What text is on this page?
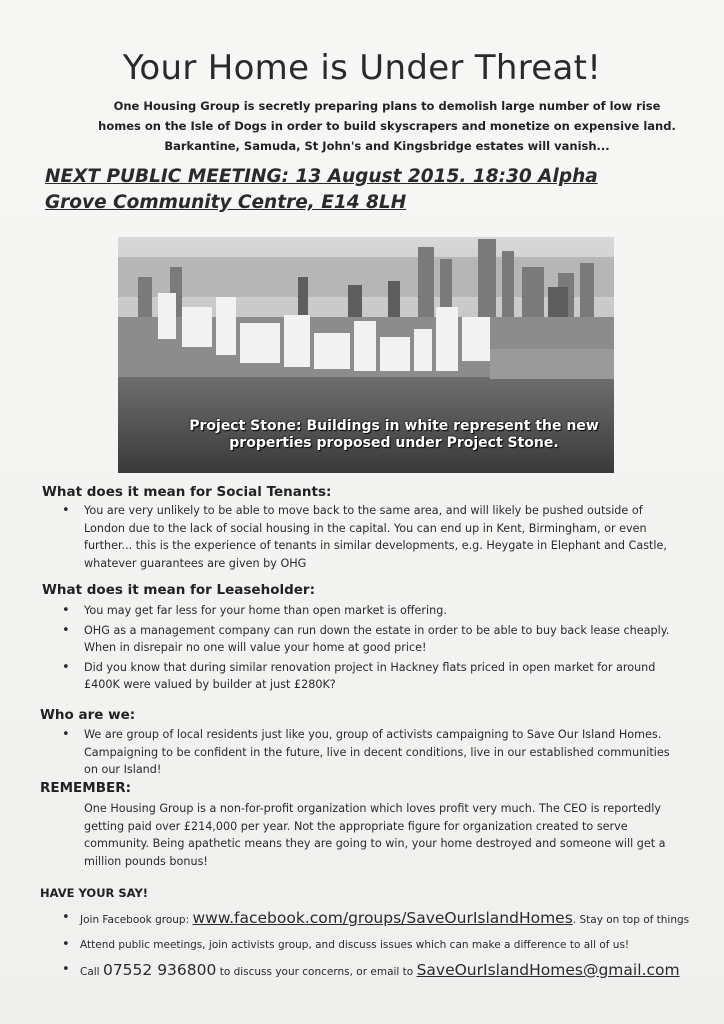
Your Home is Under Threat!
One Housing Group is secretly preparing plans to demolish large number of low rise homes on the Isle of Dogs in order to build skyscrapers and monetize on expensive land. Barkantine, Samuda, St John's and Kingsbridge estates will vanish...
NEXT PUBLIC MEETING: 13 August 2015. 18:30 Alpha Grove Community Centre, E14 8LH
Project Stone: Buildings in white represent the new properties proposed under Project Stone.
What does it mean for Social Tenants:
• You are very unlikely to be able to move back to the same area, and will likely be pushed outside of London due to the lack of social housing in the capital. You can end up in Kent, Birmingham, or even further... this is the experience of tenants in similar developments, e.g. Heygate in Elephant and Castle, whatever guarantees are given by OHG
What does it mean for Leaseholder:
• You may get far less for your home than open market is offering.
• OHG as a management company can run down the estate in order to be able to buy back lease cheaply. When in disrepair no one will value your home at good price!
• Did you know that during similar renovation project in Hackney flats priced in open market for around £400K were valued by builder at just £280K?
Who are we:
• We are group of local residents just like you, group of activists campaigning to Save Our Island Homes. Campaigning to be confident in the future, live in decent conditions, live in our established communities on our Island!
REMEMBER:
One Housing Group is a non-for-profit organization which loves profit very much. The CEO is reportedly getting paid over £214,000 per year. Not the appropriate figure for organization created to serve community. Being apathetic means they are going to win, your home destroyed and someone will get a million pounds bonus!
HAVE YOUR SAY!
• Join Facebook group: www.facebook.com/groups/SaveOurIslandHomes. Stay on top of things
• Attend public meetings, join activists group, and discuss issues which can make a difference to all of us!
• Call 07552 936800 to discuss your concerns, or email to SaveOurIslandHomes@gmail.com
